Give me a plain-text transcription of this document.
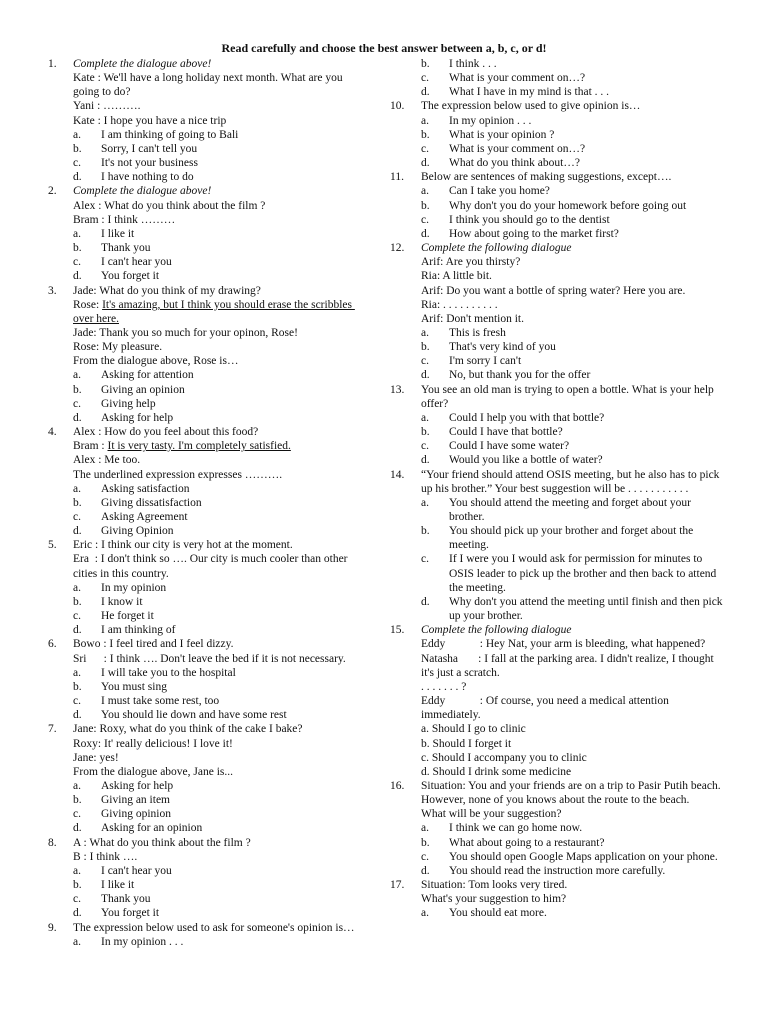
Read carefully and choose the best answer between a, b, c, or d!
1. Complete the dialogue above!
Kate : We'll have a long holiday next month. What are you going to do?
Yani : ……….
Kate : I hope you have a nice trip
a.	I am thinking of going to Bali
b.	Sorry, I can't tell you
c.	It's not your business
d.	I have nothing to do
2. Complete the dialogue above!
Alex : What do you think about the film ?
Bram : I think ………
a.	I like it
b.	Thank you
c.	I can't hear you
d.	You forget it
3. Jade: What do you think of my drawing?
Rose: It's amazing, but I think you should erase the scribbles over here.
Jade: Thank you so much for your opinon, Rose!
Rose: My pleasure.
From the dialogue above, Rose is…
a.	Asking for attention
b.	Giving an opinion
c.	Giving help
d.	Asking for help
4. Alex : How do you feel about this food?
Bram : It is very tasty. I'm completely satisfied.
Alex : Me too.
The underlined expression expresses ……….
a.	Asking satisfaction
b.	Giving dissatisfaction
c.	Asking Agreement
d.	Giving Opinion
5. Eric : I think our city is very hot at the moment.
Era  : I don't think so …. Our city is much cooler than other cities in this country.
a.	In my opinion
b.	I know it
c.	He forget it
d.	I am thinking of
6. Bowo : I feel tired and I feel dizzy.
Sri      : I think …. Don't leave the bed if it is not necessary.
a.	I will take you to the hospital
b.	You must sing
c.	I must take some rest, too
d.	You should lie down and have some rest
7. Jane: Roxy, what do you think of the cake I bake?
Roxy: It' really delicious! I love it!
Jane: yes!
From the dialogue above, Jane is...
a.	Asking for help
b.	Giving an item
c.	Giving opinion
d.	Asking for an opinion
8. A : What do you think about the film ?
B : I think ….
a.	I can't hear you
b.	I like it
c.	Thank you
d.	You forget it
9. The expression below used to ask for someone's opinion is…
a.	In my opinion . . .
b.	I think . . .
c.	What is your comment on…?
d.	What I have in my mind is that . . .
10. The expression below used to give opinion is…
a.	In my opinion . . .
b.	What is your opinion ?
c.	What is your comment on…?
d.	What do you think about…?
11. Below are sentences of making suggestions, except….
a.	Can I take you home?
b.	Why don't you do your homework before going out
c.	I think you should go to the dentist
d.	How about going to the market first?
12. Complete the following dialogue
Arif: Are you thirsty?
Ria: A little bit.
Arif: Do you want a bottle of spring water? Here you are.
Ria: . . . . . . . . . .
Arif: Don't mention it.
a.	This is fresh
b.	That's very kind of you
c.	I'm sorry I can't
d.	No, but thank you for the offer
13. You see an old man is trying to open a bottle. What is your help offer?
a.	Could I help you with that bottle?
b.	Could I have that bottle?
c.	Could I have some water?
d.	Would you like a bottle of water?
14. “Your friend should attend OSIS meeting, but he also has to pick up his brother.” Your best suggestion will be . . . . . . . . . . .
a.	You should attend the meeting and forget about your brother.
b.	You should pick up your brother and forget about the meeting.
c.	If I were you I would ask for permission for minutes to OSIS leader to pick up the brother and then back to attend the meeting.
d.	Why don't you attend the meeting until finish and then pick up your brother.
15. Complete the following dialogue
Eddy            : Hey Nat, your arm is bleeding, what happened?
Natasha       : I fall at the parking area. I didn't realize, I thought it's just a scratch.
. . . . . . . ?
Eddy            : Of course, you need a medical attention immediately.
a. Should I go to clinic
b. Should I forget it
c. Should I accompany you to clinic
d. Should I drink some medicine
16. Situation: You and your friends are on a trip to Pasir Putih beach. However, none of you knows about the route to the beach.
What will be your suggestion?
a.	I think we can go home now.
b.	What about going to a restaurant?
c.	You should open Google Maps application on your phone.
d.	You should read the instruction more carefully.
17. Situation: Tom looks very tired.
What's your suggestion to him?
a.	You should eat more.
